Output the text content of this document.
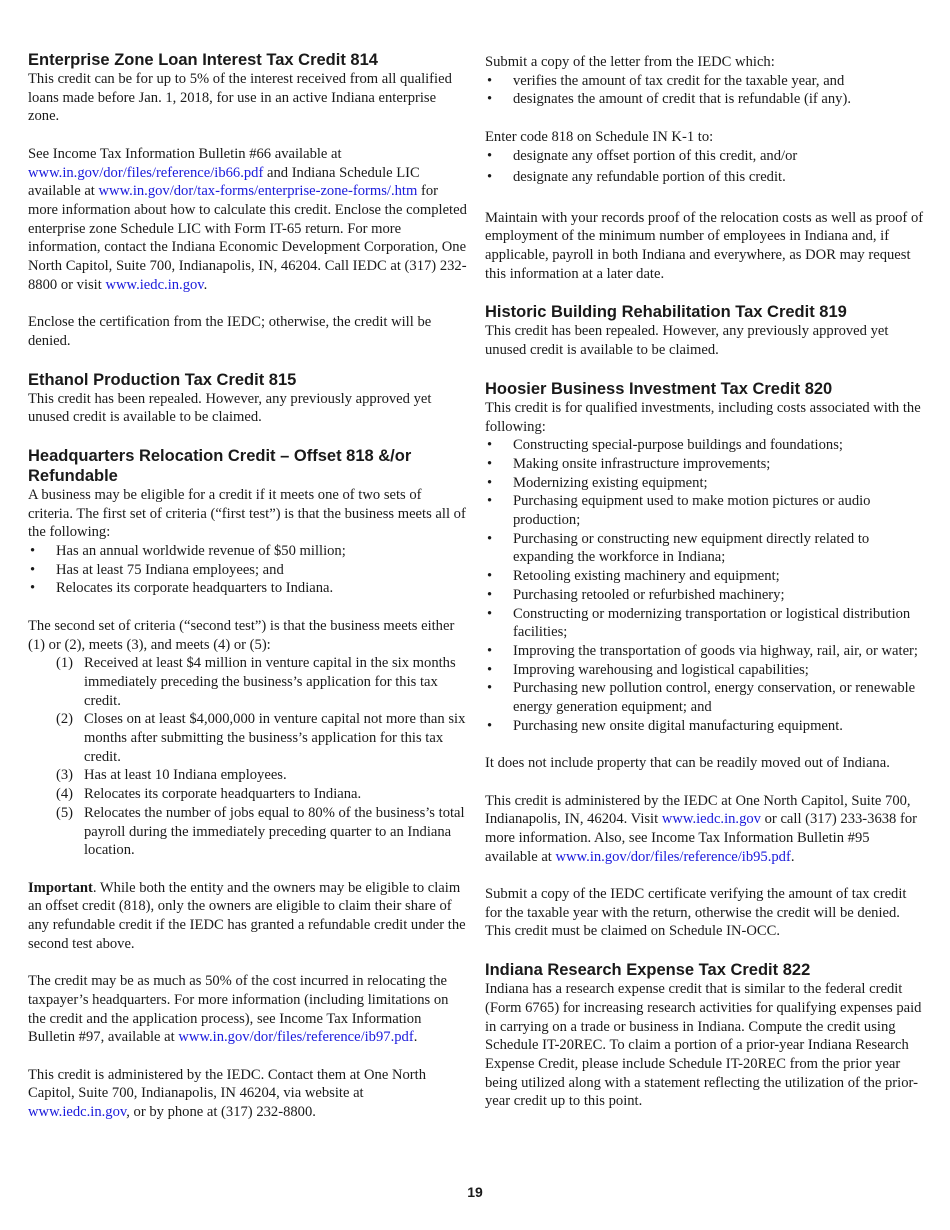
Enterprise Zone Loan Interest Tax Credit 814

This credit can be for up to 5% of the interest received from all qualified loans made before Jan. 1, 2018, for use in an active Indiana enterprise zone.

See Income Tax Information Bulletin #66 available at www.in.gov/dor/files/reference/ib66.pdf and Indiana Schedule LIC available at www.in.gov/dor/tax-forms/enterprise-zone-forms/.htm for more information about how to calculate this credit. Enclose the completed enterprise zone Schedule LIC with Form IT-65 return. For more information, contact the Indiana Economic Development Corporation, One North Capitol, Suite 700, Indianapolis, IN, 46204. Call IEDC at (317) 232-8800 or visit www.iedc.in.gov.

Enclose the certification from the IEDC; otherwise, the credit will be denied.

Ethanol Production Tax Credit 815

This credit has been repealed. However, any previously approved yet unused credit is available to be claimed.

Headquarters Relocation Credit – Offset 818 &/or Refundable

A business may be eligible for a credit if it meets one of two sets of criteria. The first set of criteria (“first test”) is that the business meets all of the following:

• Has an annual worldwide revenue of $50 million;
• Has at least 75 Indiana employees; and
• Relocates its corporate headquarters to Indiana.

The second set of criteria (“second test”) is that the business meets either (1) or (2), meets (3), and meets (4) or (5):

(1) Received at least $4 million in venture capital in the six months immediately preceding the business’s application for this tax credit.
(2) Closes on at least $4,000,000 in venture capital not more than six months after submitting the business’s application for this tax credit.
(3) Has at least 10 Indiana employees.
(4) Relocates its corporate headquarters to Indiana.
(5) Relocates the number of jobs equal to 80% of the business’s total payroll during the immediately preceding quarter to an Indiana location.

Important. While both the entity and the owners may be eligible to claim an offset credit (818), only the owners are eligible to claim their share of any refundable credit if the IEDC has granted a refundable credit under the second test above.

The credit may be as much as 50% of the cost incurred in relocating the taxpayer’s headquarters. For more information (including limitations on the credit and the application process), see Income Tax Information Bulletin #97, available at www.in.gov/dor/files/reference/ib97.pdf.

This credit is administered by the IEDC. Contact them at One North Capitol, Suite 700, Indianapolis, IN 46204, via website at www.iedc.in.gov, or by phone at (317) 232-8800.

Submit a copy of the letter from the IEDC which:

• verifies the amount of tax credit for the taxable year, and
• designates the amount of credit that is refundable (if any).

Enter code 818 on Schedule IN K-1 to:

• designate any offset portion of this credit, and/or
• designate any refundable portion of this credit.

Maintain with your records proof of the relocation costs as well as proof of employment of the minimum number of employees in Indiana and, if applicable, payroll in both Indiana and everywhere, as DOR may request this information at a later date.

Historic Building Rehabilitation Tax Credit 819

This credit has been repealed. However, any previously approved yet unused credit is available to be claimed.

Hoosier Business Investment Tax Credit 820

This credit is for qualified investments, including costs associated with the following:

• Constructing special-purpose buildings and foundations;
• Making onsite infrastructure improvements;
• Modernizing existing equipment;
• Purchasing equipment used to make motion pictures or audio production;
• Purchasing or constructing new equipment directly related to expanding the workforce in Indiana;
• Retooling existing machinery and equipment;
• Purchasing retooled or refurbished machinery;
• Constructing or modernizing transportation or logistical distribution facilities;
• Improving the transportation of goods via highway, rail, air, or water;
• Improving warehousing and logistical capabilities;
• Purchasing new pollution control, energy conservation, or renewable energy generation equipment; and
• Purchasing new onsite digital manufacturing equipment.

It does not include property that can be readily moved out of Indiana.

This credit is administered by the IEDC at One North Capitol, Suite 700, Indianapolis, IN, 46204. Visit www.iedc.in.gov or call (317) 233-3638 for more information. Also, see Income Tax Information Bulletin #95 available at www.in.gov/dor/files/reference/ib95.pdf.

Submit a copy of the IEDC certificate verifying the amount of tax credit for the taxable year with the return, otherwise the credit will be denied. This credit must be claimed on Schedule IN-OCC.

Indiana Research Expense Tax Credit 822

Indiana has a research expense credit that is similar to the federal credit (Form 6765) for increasing research activities for qualifying expenses paid in carrying on a trade or business in Indiana. Compute the credit using Schedule IT-20REC. To claim a portion of a prior-year Indiana Research Expense Credit, please include Schedule IT-20REC from the prior year being utilized along with a statement reflecting the utilization of the prior-year credit up to this point.

19
